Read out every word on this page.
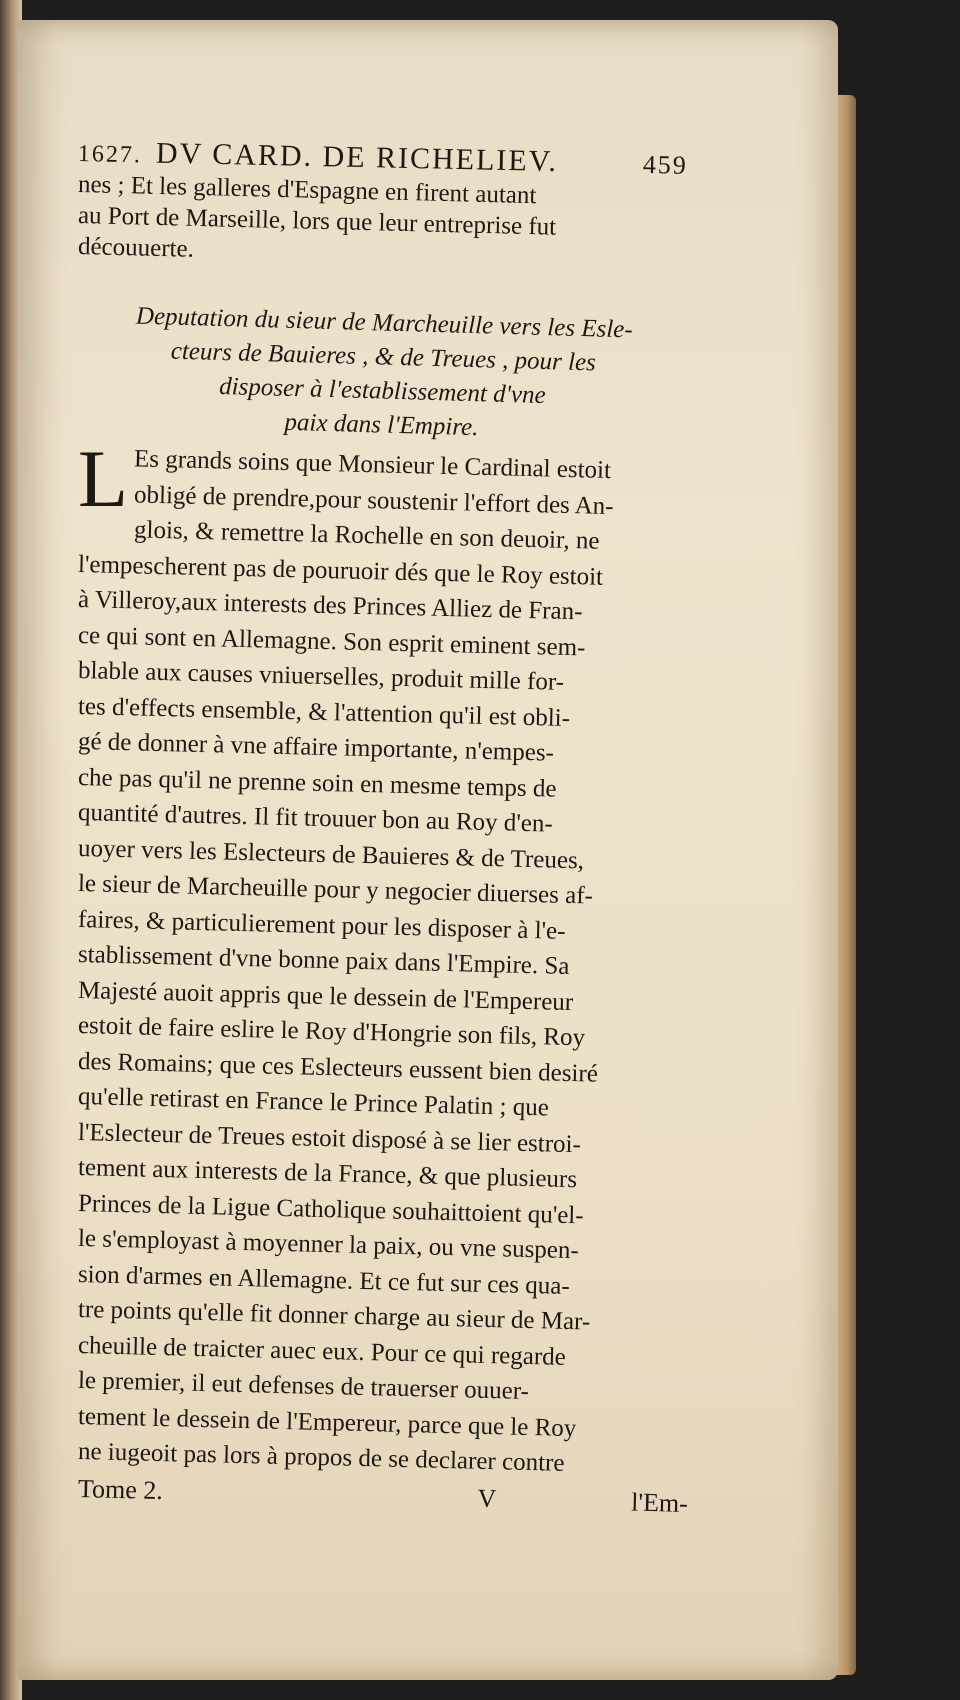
1627. DV CARD. DE RICHELIEV.	459
nes ; Et les galleres d'Espagne en firent autant
au Port de Marseille, lors que leur entreprise fut
découuerte.
Deputation du sieur de Marcheuille vers les Esle-
cteurs de Bauieres , & de Treues , pour les
disposer à l'establissement d'vne
paix dans l'Empire.
L Es grands soins que Monsieur le Cardinal estoit
obligé de prendre,pour soustenir l'effort des An-
glois, & remettre la Rochelle en son deuoir, ne
l'empescherent pas de pouruoir dés que le Roy estoit
à Villeroy,aux interests des Princes Alliez de Fran-
ce qui sont en Allemagne. Son esprit eminent sem-
blable aux causes vniuerselles, produit mille for-
tes d'effects ensemble, & l'attention qu'il est obli-
gé de donner à vne affaire importante, n'empes-
che pas qu'il ne prenne soin en mesme temps de
quantité d'autres. Il fit trouuer bon au Roy d'en-
uoyer vers les Eslecteurs de Bauieres & de Treues,
le sieur de Marcheuille pour y negocier diuerses af-
faires, & particulierement pour les disposer à l'e-
stablissement d'vne bonne paix dans l'Empire. Sa
Majesté auoit appris que le dessein de l'Empereur
estoit de faire eslire le Roy d'Hongrie son fils, Roy
des Romains; que ces Eslecteurs eussent bien desiré
qu'elle retirast en France le Prince Palatin ; que
l'Eslecteur de Treues estoit disposé à se lier estroi-
tement aux interests de la France, & que plusieurs
Princes de la Ligue Catholique souhaittoient qu'el-
le s'employast à moyenner la paix, ou vne suspen-
sion d'armes en Allemagne. Et ce fut sur ces qua-
tre points qu'elle fit donner charge au sieur de Mar-
cheuille de traicter auec eux. Pour ce qui regarde
le premier, il eut defenses de trauerser ouuer-
tement le dessein de l'Empereur, parce que le Roy
ne iugeoit pas lors à propos de se declarer contre
Tome 2.	V	l'Em-
